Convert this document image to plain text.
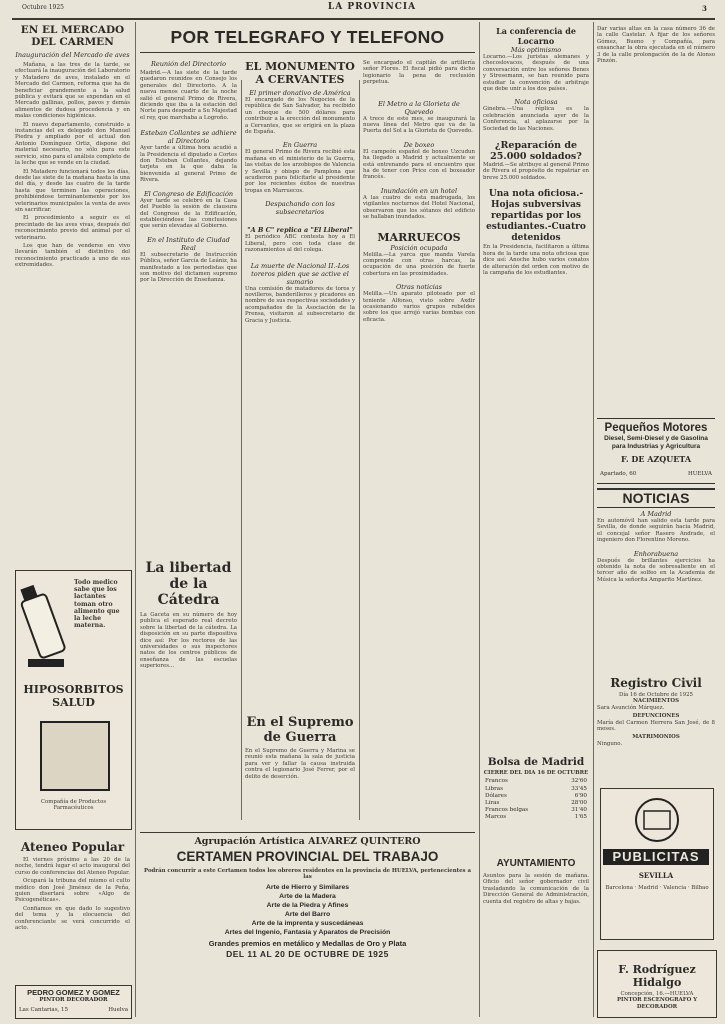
Octubre 1925	LA PROVINCIA	3
EN EL MERCADO
DEL CARMEN
Inauguración del Mercado de aves

Mañana, a las tres de la tarde, se efectuará la inauguración del Laboratorio y Matadero de aves, instalado en el Mercado del Carmen, reforma que ha de beneficiar grandemente a la salud pública y evitará que se expendan en el Mercado gallinas, pollos, pavos y demás alimentos de dudosa procedencia y en malas condiciones higiénicas.

El nuevo departamento, construido a instancias del ex delegado don Manuel Piedra y ampliado por el actual don Antonio Domínguez Ortiz, dispone del material necesario, no sólo para este servicio, sino para el análisis completo de la leche que se vende en la ciudad.

El Matadero funcionará todos los días, desde las siete de la mañana hasta la una del día, y desde las cuatro de la tarde hasta que terminen las operaciones, prohibiéndose terminantemente por los veterinarios municipales la venta de aves sin sacrificar.

El procedimiento a seguir es el precintado de las aves vivas, después del reconocimiento previo del animal por el veterinario.

Los que han de venderse en vivo llevarán también el distintivo del reconocimiento practicado a uno de sus extremidades.

Todo medico sabe que los lactantes toman otro alimento que la leche materna.
HIPOSORBITOS SALUD
Compañía de Productos Farmacéuticos
Ateneo Popular

El viernes próximo a las 20 de la noche, tendrá lugar el acto inaugural del curso de conferencias del Ateneo Popular.

Ocupará la tribuna del mismo el culto médico don José Jiménez de la Peña, quien disertará sobre «Algo de Psicogenéticas».

Confiamos en que dado lo sugestivo del tema y la elocuencia del conferenciante se verá concurrido el acto.

PEDRO GOMEZ Y GOMEZ
PINTOR DECORADOR
Las Cantarias, 15	Huelva
POR TELEGRAFO Y TELEFONO
Reunión del Directorio
Madrid.—A las siete de la tarde quedaron reunidos en Consejo los generales del Directorio. A la nueva menos cuarto de la noche salió el general Primo de Rivera, diciendo que iba a la estación del Norte para despedir a Su Majestad el rey, que marchaba a Logroño.
Esteban Collantes se adhiere al Directorio
Ayer tarde a última hora acudió a la Presidencia el diputado a Cortes don Esteban Collantes, dejando tarjeta en la que daba la bienvenida al general Primo de Rivera.
El Congreso de Edificación
Ayer tarde se celebró en la Casa del Pueblo la sesión de clausura del Congreso de la Edificación, estableciéndose las conclusiones que serán elevadas al Gobierno.
En el Instituto de Ciudad Real
El subsecretario de Instrucción Pública, señor García de Leániz, ha manifestado a los periodistas que son motivo del dictamen supremo por la Dirección de Enseñanza.
La libertad de la Cátedra
La Gaceta en su número de hoy publica el esperado real decreto sobre la libertad de la cátedra. La disposición en su parte dispositiva dice así: Por los rectores de las universidades o sus inspectores natos de los centros públicos de enseñanza de las escuelas superiores...
EL MONUMENTO A CERVANTES
El primer donativo de América
El encargado de los Negocios de la república de San Salvador, ha recibido un cheque de 500 dólares para contribuir a la erección del monumento a Cervantes, que se erigirá en la plaza de España.
En Guerra
El general Primo de Rivera recibió esta mañana en el ministerio de la Guerra, las visitas de los arzobispos de Valencia y Sevilla y obispo de Pamplona que acudieron para felicitarle al presidente por los recientes éxitos de nuestras tropas en Marruecos.
Despachando con los subsecretarios
"A B C" replica a "El Liberal"
El periódico ABC contesta hoy a El Liberal, pero con toda clase de razonamientos al del colega.
La muerte de Nacional II.-Los toreros piden que se active el sumario
Una comisión de matadores de toros y novilleros, banderilleros y picadores en nombre de sus respectivas sociedades y acompañados de la Asociación de la Prensa, visitaron al subsecretario de Gracia y Justicia.
En el Supremo de Guerra
En el Supremo de Guerra y Marina se reunió esta mañana la sala de justicia para ver y fallar la causa instruida contra el legionario José Ferrer, por el delito de deserción.
Se encargado el capitán de artillería señor Flores. El fiscal pidió para dicho legionario la pena de reclusión perpetua.
El Metro a la Glorieta de Quevedo
A trece de este mes, se inaugurará la nueva línea del Metro que va de la Puerta del Sol a la Glorieta de Quevedo.
De boxeo
El campeón español de boxeo Uzcudun ha llegado a Madrid y actualmente se está entrenando para el encuentro que ha de tener con Price con el boxeador francés.
Inundación en un hotel
A las cuatro de esta madrugada, los vigilantes nocturnos del Hotel Nacional, observaron que los sótanos del edificio se hallaban inundados.
MARRUECOS
Posición ocupada
Melilla.—La yarca que manda Varela comprende con otras harcas, la ocupación de una posición de fuerte cobertura en las proximidades.
Otras noticias
Melilla.—Un aparato piloteado por el teniente Alfonso, visto sobre Axdir ocasionando varios grupos rebeldes sobre los que arrojó varias bombas con eficacia.
Agrupación Artística ALVAREZ QUINTERO
CERTAMEN PROVINCIAL DEL TRABAJO
Podrán concurrir a este Certamen todos los obreros residentes en la provincia de HUELVA, pertenecientes a las
Arte de Hierro y Similares
Arte de la Madera
Arte de la Piedra y Afines
Arte del Barro
Arte de la imprenta y suscedáneas
Artes del Ingenio, Fantasía y Aparatos de Precisión
Grandes premios en metálico y Medallas de Oro y Plata
DEL 11 AL 20 DE OCTUBRE DE 1925
La conferencia de Locarno
Más optimismo
Locarno.—Los juristas alemanes y checoslovacos, después de una conversación entre los señores Benes y Stresemann, se han reunido para estudiar la convención de arbitraje que debe unir a los dos países.
Nota oficiosa
Ginebra.—Una réplica es la celebración anunciada ayer de la Conferencia, al aplazarse por la Sociedad de las Naciones.
¿Reparación de 25.000 soldados?
Madrid.—Se atribuye al general Primo de Rivera el propósito de repatriar en breve 25.000 soldados.
Una nota oficiosa.-Hojas subversivas repartidas por los estudiantes.-Cuatro detenidos
En la Presidencia, facilitaron a última hora de la tarde una nota oficiosa que dice así: Anoche hubo varios conatos de alteración del orden con motivo de la campaña de los estudiantes.
Bolsa de Madrid
CIERRE DEL DIA 16 DE OCTUBRE
Francos	32'60
Libras	33'45
Dólares	6'90
Liras	28'00
Francos belgas	31'40
Marcos	1'65
AYUNTAMIENTO
Asuntos para la sesión de mañana. Oficio del señor gobernador civil trasladando la comunicación de la Dirección General de Administración, cuenta del registro de altas y bajas.
Dar varias altas en la casa número 36 de la calle Castelar. A fijar de los señores Gómez, Bueno y Compañía, para ensanchar la obra ejecutada en el número 3 de la calle prolongación de la de Alonso Pinzón.
Pequeños Motores
Diesel, Semi-Diesel y de Gasolina para Industrias y Agricultura
F. DE AZQUETA
Apartado, 60	HUELVA
NOTICIAS
A Madrid
En automóvil han salido esta tarde para Sevilla, de donde seguirán hacia Madrid, el concejal señor Rasero Andrade, el ingeniero don Florentino Moreno.
Enhorabuena
Después de brillantes ejercicios ha obtenido la nota de sobresaliente en el tercer año de solfeo en la Academia de Música la señorita Amparito Martínez.
Registro Civil
Día 16 de Octubre de 1925
NACIMIENTOS
Sara Asunción Márquez.
DEFUNCIONES
María del Carmen Herrera San José, de 8 meses.
MATRIMONIOS
Ninguno.
PUBLICITAS
SEVILLA
Barcelona · Madrid · Valencia · Bilbao
F. Rodríguez Hidalgo
Concepción, 16.—HUELVA
PINTOR ESCENOGRAFO Y DECORADOR
